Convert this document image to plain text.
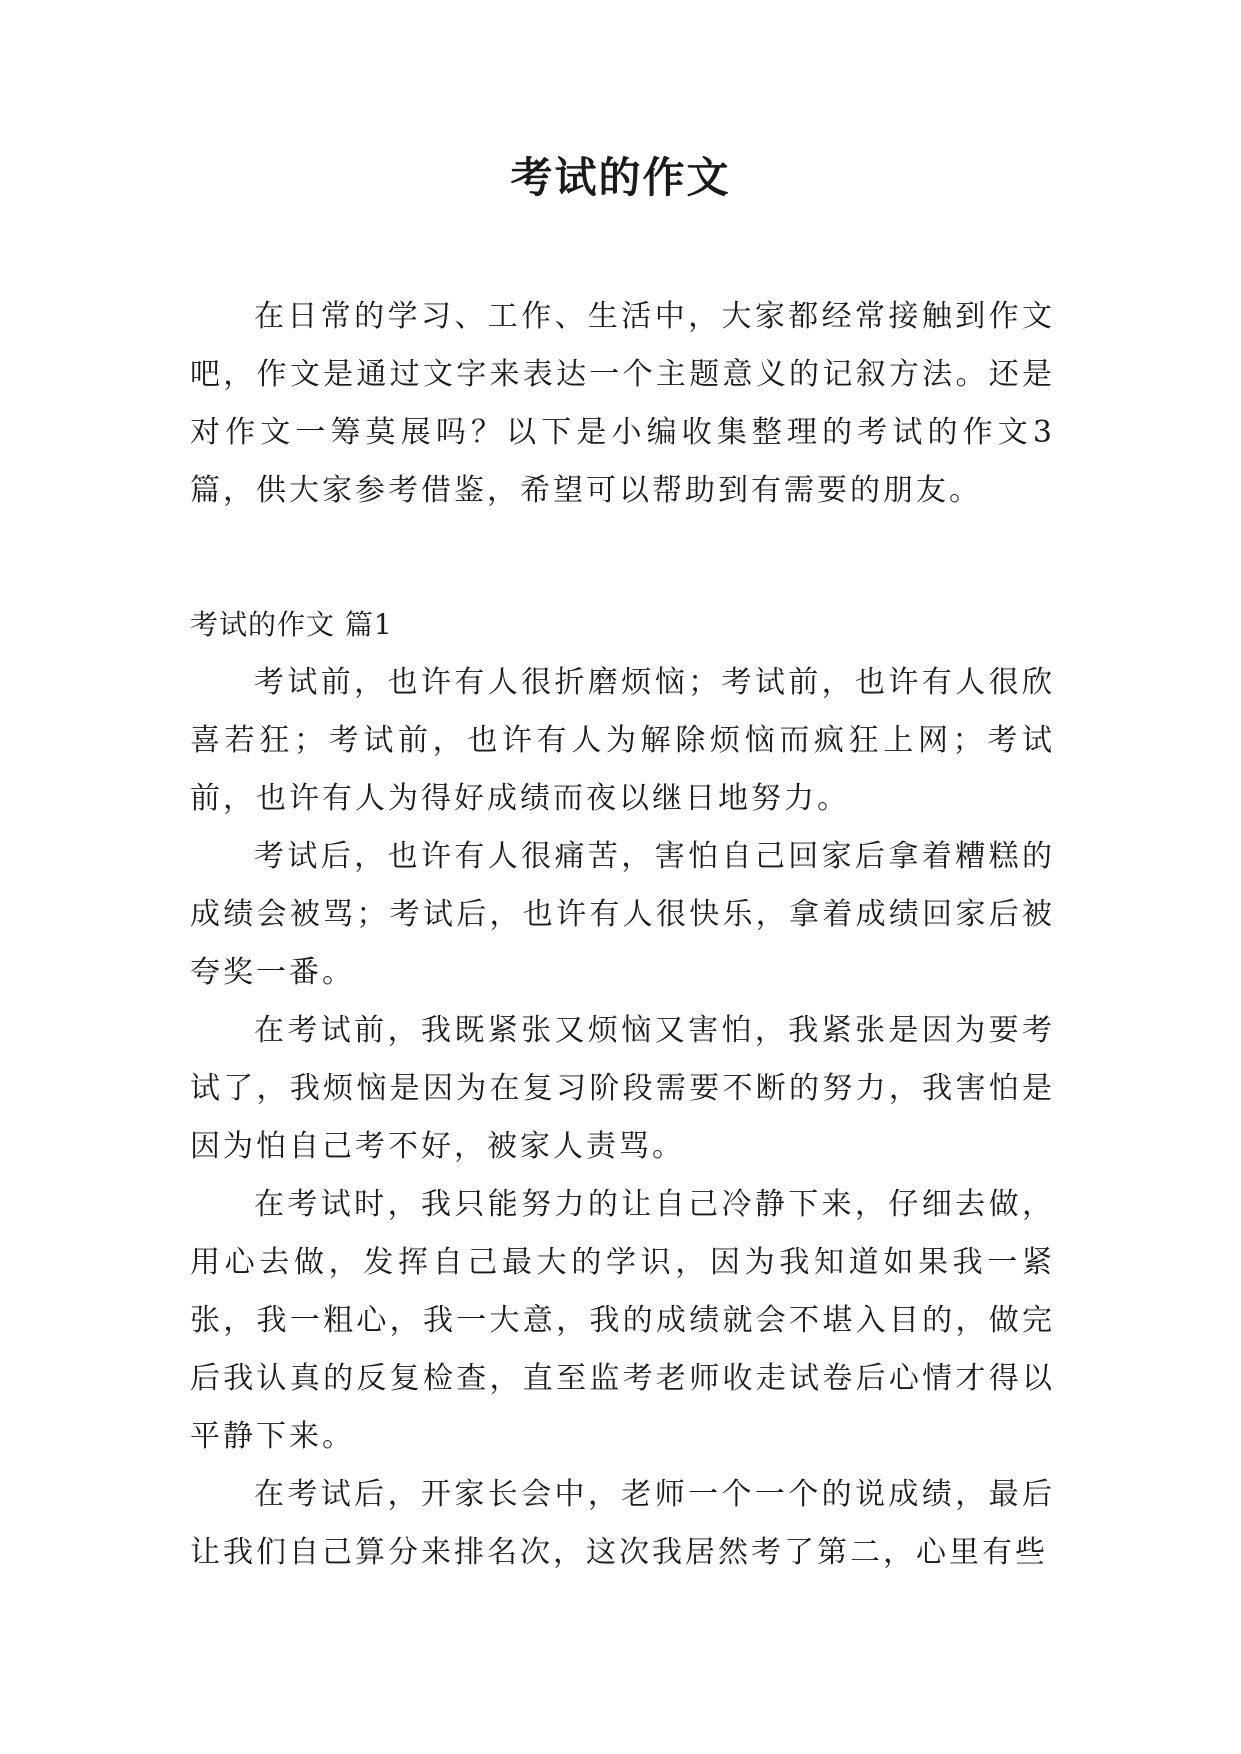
考试的作文

在日常的学习、工作、生活中，大家都经常接触到作文吧，作文是通过文字来表达一个主题意义的记叙方法。还是对作文一筹莫展吗？以下是小编收集整理的考试的作文3篇，供大家参考借鉴，希望可以帮助到有需要的朋友。

考试的作文 篇1

考试前，也许有人很折磨烦恼；考试前，也许有人很欣喜若狂；考试前，也许有人为解除烦恼而疯狂上网；考试前，也许有人为得好成绩而夜以继日地努力。

考试后，也许有人很痛苦，害怕自己回家后拿着糟糕的成绩会被骂；考试后，也许有人很快乐，拿着成绩回家后被夸奖一番。

在考试前，我既紧张又烦恼又害怕，我紧张是因为要考试了，我烦恼是因为在复习阶段需要不断的努力，我害怕是因为怕自己考不好，被家人责骂。

在考试时，我只能努力的让自己冷静下来，仔细去做，用心去做，发挥自己最大的学识，因为我知道如果我一紧张，我一粗心，我一大意，我的成绩就会不堪入目的，做完后我认真的反复检查，直至监考老师收走试卷后心情才得以平静下来。

在考试后，开家长会中，老师一个一个的说成绩，最后让我们自己算分来排名次，这次我居然考了第二，心里有些
